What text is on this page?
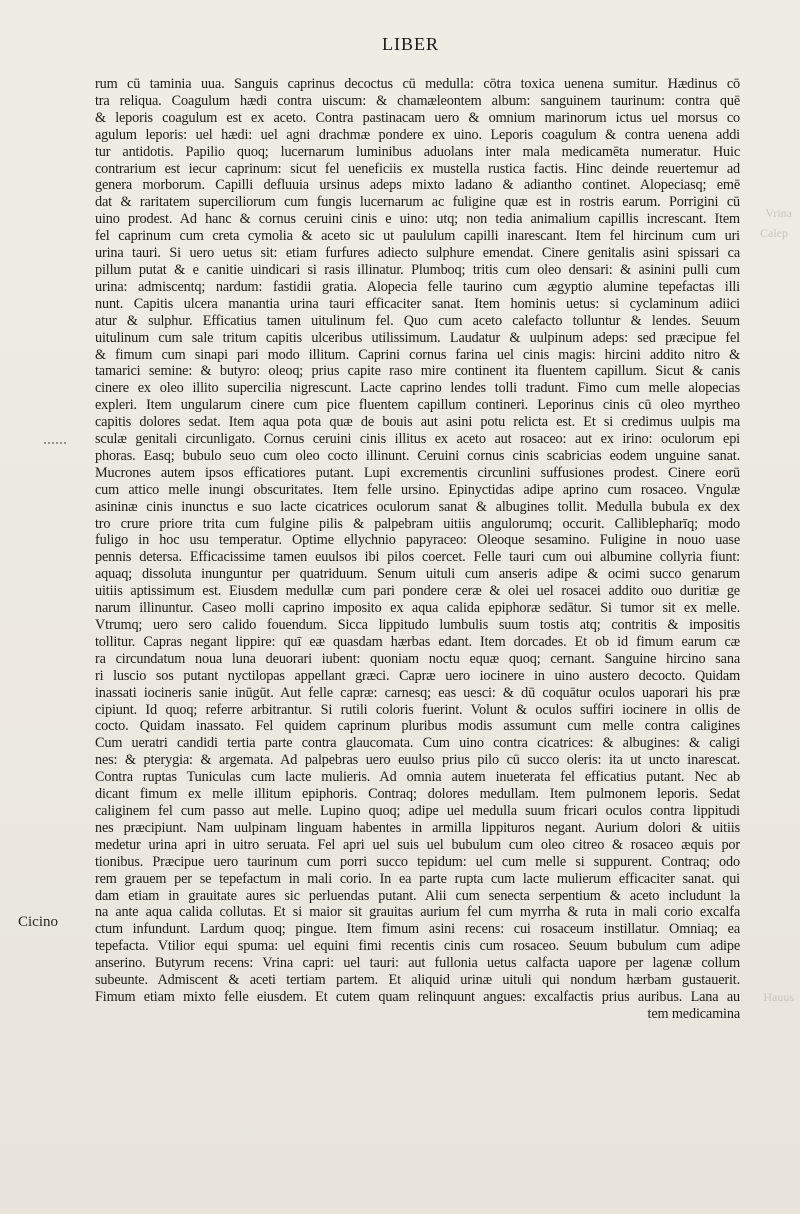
LIBER
Cicino
Vrina
Calep
Hauus
rum cū taminia uua. Sanguis caprinus decoctus cū medulla: cōtra toxica uenena sumitur. Hædinus cō
tra reliqua. Coagulum hædi contra uiscum: & chamæleontem album: sanguinem taurinum: contra quē
& leporis coagulum est ex aceto. Contra pastinacam uero & omnium marinorum ictus uel morsus co
agulum leporis: uel hædi: uel agni drachmæ pondere ex uino. Leporis coagulum & contra uenena addi
tur antidotis. Papilio quoq; lucernarum luminibus aduolans inter mala medicamēta numeratur. Huic
contrarium est iecur caprinum: sicut fel ueneficiis ex mustella rustica factis. Hinc deinde reuertemur ad
genera morborum. Capilli defluuia ursinus adeps mixto ladano & adiantho continet. Alopeciasq; emē
dat & raritatem superciliorum cum fungis lucernarum ac fuligine quæ est in rostris earum. Porrigini cū
uino prodest. Ad hanc & cornus ceruini cinis e uino: utq; non tedia animalium capillis increscant. Item
fel caprinum cum creta cymolia & aceto sic ut paululum capilli inarescant. Item fel hircinum cum uri
urina tauri. Si uero uetus sit: etiam furfures adiecto sulphure emendat. Cinere genitalis asini spissari ca
pillum putat & e canitie uindicari si rasis illinatur. Plumboq; tritis cum oleo densari: & asinini pulli cum
urina: admiscentq; nardum: fastidii gratia. Alopecia felle taurino cum ægyptio alumine tepefactas illi
nunt. Capitis ulcera manantia urina tauri efficaciter sanat. Item hominis uetus: si cyclaminum adiici
atur & sulphur. Efficatius tamen uitulinum fel. Quo cum aceto calefacto tolluntur & lendes. Seuum
uitulinum cum sale tritum capitis ulceribus utilissimum. Laudatur & uulpinum adeps: sed præcipue fel
& fimum cum sinapi pari modo illitum. Caprini cornus farina uel cinis magis: hircini addito nitro &
tamarici semine: & butyro: oleoq; prius capite raso mire continent ita fluentem capillum. Sicut & canis
cinere ex oleo illito supercilia nigrescunt. Lacte caprino lendes tolli tradunt. Fimo cum melle alopecias
expleri. Item ungularum cinere cum pice fluentem capillum contineri. Leporinus cinis cū oleo myrtheo
capitis dolores sedat. Item aqua pota quæ de bouis aut asini potu relicta est. Et si credimus uulpis ma
sculæ genitali circunligato. Cornus ceruini cinis illitus ex aceto aut rosaceo: aut ex irino: oculorum epi
phoras. Easq; bubulo seuo cum oleo cocto illinunt. Ceruini cornus cinis scabricias eodem unguine sanat.
Mucrones autem ipsos efficatiores putant. Lupi excrementis circunlini suffusiones prodest. Cinere eorū
cum attico melle inungi obscuritates. Item felle ursino. Epinyctidas adipe aprino cum rosaceo. Vngulæ
asininæ cinis inunctus e suo lacte cicatrices oculorum sanat & albugines tollit. Medulla bubula ex dex
tro crure priore trita cum fulgine pilis & palpebram uitiis angulorumq; occurit. Calliblepharīq; modo
fuligo in hoc usu temperatur. Optime ellychnio papyraceo: Oleoque sesamino. Fuligine in nouo uase
pennis detersa. Efficacissime tamen euulsos ibi pilos coercet. Felle tauri cum oui albumine collyria fiunt:
aquaq; dissoluta inunguntur per quatriduum. Senum uituli cum anseris adipe & ocimi succo genarum
uitiis aptissimum est. Eiusdem medullæ cum pari pondere ceræ & olei uel rosacei addito ouo duritiæ ge
narum illinuntur. Caseo molli caprino imposito ex aqua calida epiphoræ sedātur. Si tumor sit ex melle.
Vtrumq; uero sero calido fouendum. Sicca lippitudo lumbulis suum tostis atq; contritis & impositis
tollitur. Capras negant lippire: quī eæ quasdam hærbas edant. Item dorcades. Et ob id fimum earum cæ
ra circundatum noua luna deuorari iubent: quoniam noctu equæ quoq; cernant. Sanguine hircino sana
ri luscio sos putant nyctilopas appellant græci. Capræ uero iocinere in uino austero decocto. Quidam
inassati iocineris sanie inūgūt. Aut felle capræ: carnesq; eas uesci: & dū coquātur oculos uaporari his præ
cipiunt. Id quoq; referre arbitrantur. Si rutili coloris fuerint. Volunt & oculos suffiri iocinere in ollis de
cocto. Quidam inassato. Fel quidem caprinum pluribus modis assumunt cum melle contra caligines
Cum ueratri candidi tertia parte contra glaucomata. Cum uino contra cicatrices: & albugines: & caligi
nes: & pterygia: & argemata. Ad palpebras uero euulso prius pilo cū succo oleris: ita ut uncto inarescat.
Contra ruptas Tuniculas cum lacte mulieris. Ad omnia autem inueterata fel efficatius putant. Nec ab
dicant fimum ex melle illitum epiphoris. Contraq; dolores medullam. Item pulmonem leporis. Sedat
caliginem fel cum passo aut melle. Lupino quoq; adipe uel medulla suum fricari oculos contra lippitudi
nes præcipiunt. Nam uulpinam linguam habentes in armilla lippituros negant. Aurium dolori & uitiis
medetur urina apri in uitro seruata. Fel apri uel suis uel bubulum cum oleo citreo & rosaceo æquis por
tionibus. Præcipue uero taurinum cum porri succo tepidum: uel cum melle si suppurent. Contraq; odo
rem grauem per se tepefactum in mali corio. In ea parte rupta cum lacte mulierum efficaciter sanat. qui
dam etiam in grauitate aures sic perluendas putant. Alii cum senecta serpentium & aceto includunt la
na ante aqua calida collutas. Et si maior sit grauitas aurium fel cum myrrha & ruta in mali corio excalfa
ctum infundunt. Lardum quoq; pingue. Item fimum asini recens: cui rosaceum instillatur. Omniaq; ea
tepefacta. Vtilior equi spuma: uel equini fimi recentis cinis cum rosaceo. Seuum bubulum cum adipe
anserino. Butyrum recens: Vrina capri: uel tauri: aut fullonia uetus calfacta uapore per lagenæ collum
subeunte. Admiscent & aceti tertiam partem. Et aliquid urinæ uituli qui nondum hærbam gustauerit.
Fimum etiam mixto felle eiusdem. Et cutem quam relinquunt angues: excalfactis prius auribus. Lana au
tem medicamina
